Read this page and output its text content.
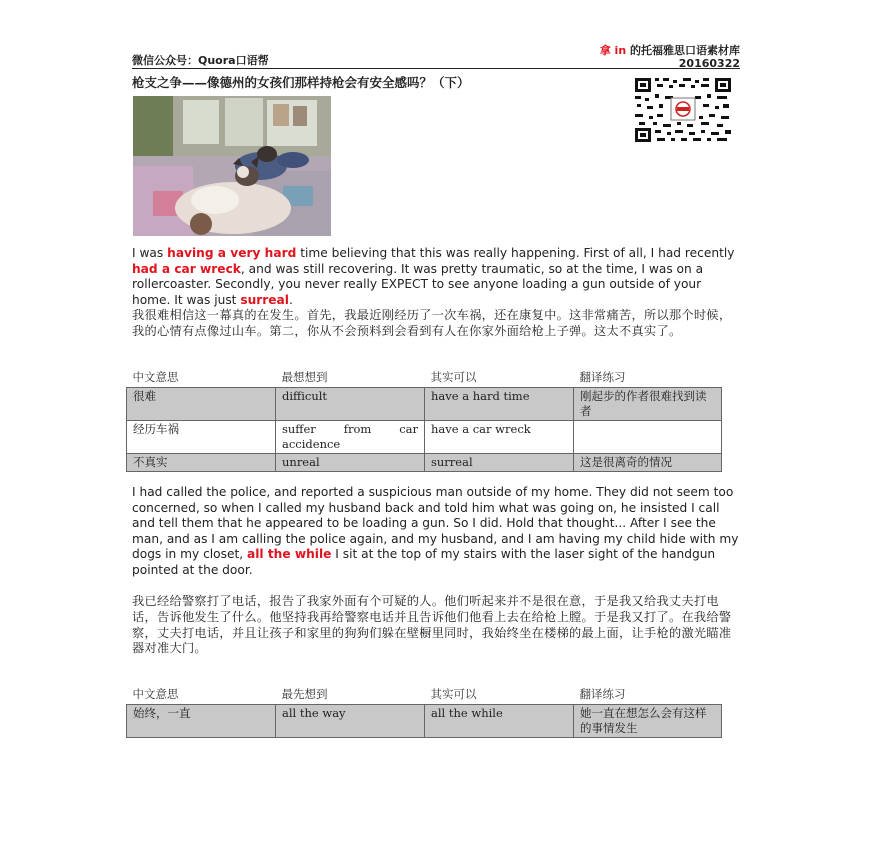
微信公众号：Quora口语帮
拿 in 的托福雅思口语素材库
20160322
枪支之争——像德州的女孩们那样持枪会有安全感吗？（下）
I was having a very hard time believing that this was really happening. First of all, I had recently had a car wreck, and was still recovering. It was pretty traumatic, so at the time, I was on a rollercoaster. Secondly, you never really EXPECT to see anyone loading a gun outside of your home. It was just surreal.
我很难相信这一幕真的在发生。首先，我最近刚经历了一次车祸，还在康复中。这非常痛苦，所以那个时候，我的心情有点像过山车。第二，你从不会预料到会看到有人在你家外面给枪上子弹。这太不真实了。
中文意思	最想想到	其实可以	翻译练习
很难	difficult	have a hard time	刚起步的作者很难找到读者
经历车祸	suffer from car accidence	have a car wreck	
不真实	unreal	surreal	这是很离奇的情况
I had called the police, and reported a suspicious man outside of my home. They did not seem too concerned, so when I called my husband back and told him what was going on, he insisted I call and tell them that he appeared to be loading a gun. So I did. Hold that thought... After I see the man, and as I am calling the police again, and my husband, and I am having my child hide with my dogs in my closet, all the while I sit at the top of my stairs with the laser sight of the handgun pointed at the door.
我已经给警察打了电话，报告了我家外面有个可疑的人。他们听起来并不是很在意，于是我又给我丈夫打电话，告诉他发生了什么。他坚持我再给警察电话并且告诉他们他看上去在给枪上膛。于是我又打了。在我给警察，丈夫打电话，并且让孩子和家里的狗狗们躲在壁橱里同时，我始终坐在楼梯的最上面，让手枪的激光瞄准器对准大门。
中文意思	最先想到	其实可以	翻译练习
始终，一直	all the way	all the while	她一直在想怎么会有这样的事情发生
